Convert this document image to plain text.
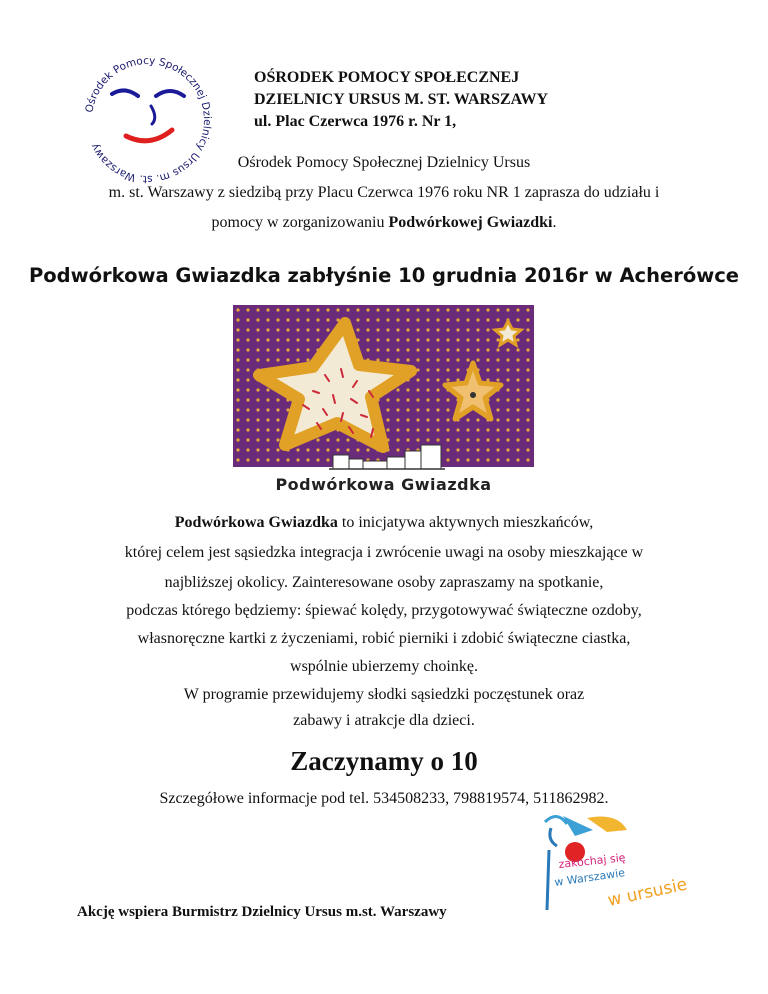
Ośrodek Pomocy Społecznej Dzielnicy Ursus m. st. Warszawy
OŚRODEK POMOCY SPOŁECZNEJ
DZIELNICY URSUS M. ST. WARSZAWY
ul. Plac Czerwca 1976 r. Nr 1,
Ośrodek Pomocy Społecznej Dzielnicy Ursus
m. st. Warszawy z siedzibą przy Placu Czerwca 1976 roku NR 1 zaprasza do udziału i
pomocy w zorganizowaniu Podwórkowej Gwiazdki.
Podwórkowa Gwiazdka zabłyśnie 10 grudnia 2016r w Acherówce
Podwórkowa Gwiazdka
Podwórkowa Gwiazdka to inicjatywa aktywnych mieszkańców,
której celem jest sąsiedzka integracja i zwrócenie uwagi na osoby mieszkające w
najbliższej okolicy. Zainteresowane osoby zapraszamy na spotkanie,
podczas którego będziemy: śpiewać kolędy, przygotowywać świąteczne ozdoby,
własnoręczne kartki z życzeniami, robić pierniki i zdobić świąteczne ciastka,
wspólnie ubierzemy choinkę.
W programie przewidujemy słodki sąsiedzki poczęstunek oraz
zabawy i atrakcje dla dzieci.
Zaczynamy o 10
Szczegółowe informacje pod tel. 534508233, 798819574, 511862982.
Akcję wspiera Burmistrz Dzielnicy Ursus m.st. Warszawy
zakochaj się
w Warszawie
w ursusie
